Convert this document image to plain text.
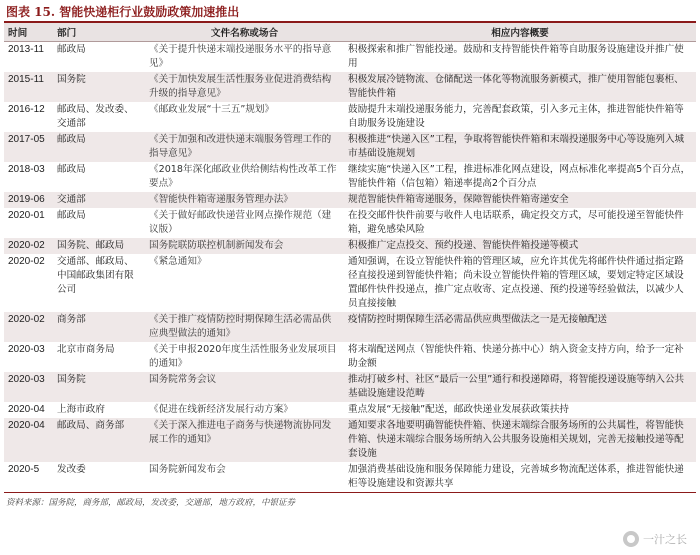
图表 15. 智能快递柜行业鼓励政策加速推出
时间	部门	文件名称或场合	相应内容概要
2013-11	邮政局	《关于提升快递末端投递服务水平的指导意见》	积极探索和推广智能投递。鼓励和支持智能快件箱等自助服务设施建设并推广使用
2015-11	国务院	《关于加快发展生活性服务业促进消费结构升级的指导意见》	积极发展冷链物流、仓储配送一体化等物流服务新模式，推广使用智能包裹柜、智能快件箱
2016-12	邮政局、发改委、交通部	《邮政业发展“十三五”规划》	鼓励提升末端投递服务能力，完善配套政策，引入多元主体，推进智能快件箱等自助服务设施建设
2017-05	邮政局	《关于加强和改进快递末端服务管理工作的指导意见》	积极推进“快递入区”工程，争取将智能快件箱和末端投递服务中心等设施列入城市基础设施规划
2018-03	邮政局	《2018年深化邮政业供给侧结构性改革工作要点》	继续实施“快递入区”工程，推进标准化网点建设，网点标准化率提高5个百分点，智能快件箱（信包箱）箱递率提高2个百分点
2019-06	交通部	《智能快件箱寄递服务管理办法》	规范智能快件箱寄递服务，保障智能快件箱寄递安全
2020-01	邮政局	《关于做好邮政快递营业网点操作规范（建议版）	在投交邮件快件前要与收件人电话联系，确定投交方式，尽可能投递至智能快件箱，避免感染风险
2020-02	国务院、邮政局	国务院联防联控机制新闻发布会	积极推广定点投交、预约投递、智能快件箱投递等模式
2020-02	交通部、邮政局、中国邮政集团有限公司	《紧急通知》	通知强调，在设立智能快件箱的管理区域，应允许其优先将邮件快件通过指定路径直接投递到智能快件箱；尚未设立智能快件箱的管理区域，要划定特定区域设置邮件快件投递点，推广定点收寄、定点投递、预约投递等经验做法，以减少人员直接接触
2020-02	商务部	《关于推广疫情防控时期保障生活必需品供应典型做法的通知》	疫情防控时期保障生活必需品供应典型做法之一是无接触配送
2020-03	北京市商务局	《关于申报2020年度生活性服务业发展项目的通知》	将末端配送网点（智能快件箱、快递分拣中心）纳入资金支持方向，给予一定补助金额
2020-03	国务院	国务院常务会议	推动打破乡村、社区“最后一公里”通行和投递障碍，将智能投递设施等纳入公共基础设施建设范畴
2020-04	上海市政府	《促进在线新经济发展行动方案》	重点发展“无接触”配送，邮政快递业发展获政策扶持
2020-04	邮政局、商务部	《关于深入推进电子商务与快递物流协同发展工作的通知》	通知要求各地要明确智能快件箱、快递末端综合服务场所的公共属性，将智能快件箱、快递末端综合服务场所纳入公共服务设施相关规划，完善无接触投递等配套设施
2020-5	发改委	国务院新闻发布会	加强消费基础设施和服务保障能力建设，完善城乡物流配送体系，推进智能快递柜等设施建设和资源共享
资料来源：国务院，商务部，邮政局，发改委，交通部，地方政府，中银证券
一汁之长
